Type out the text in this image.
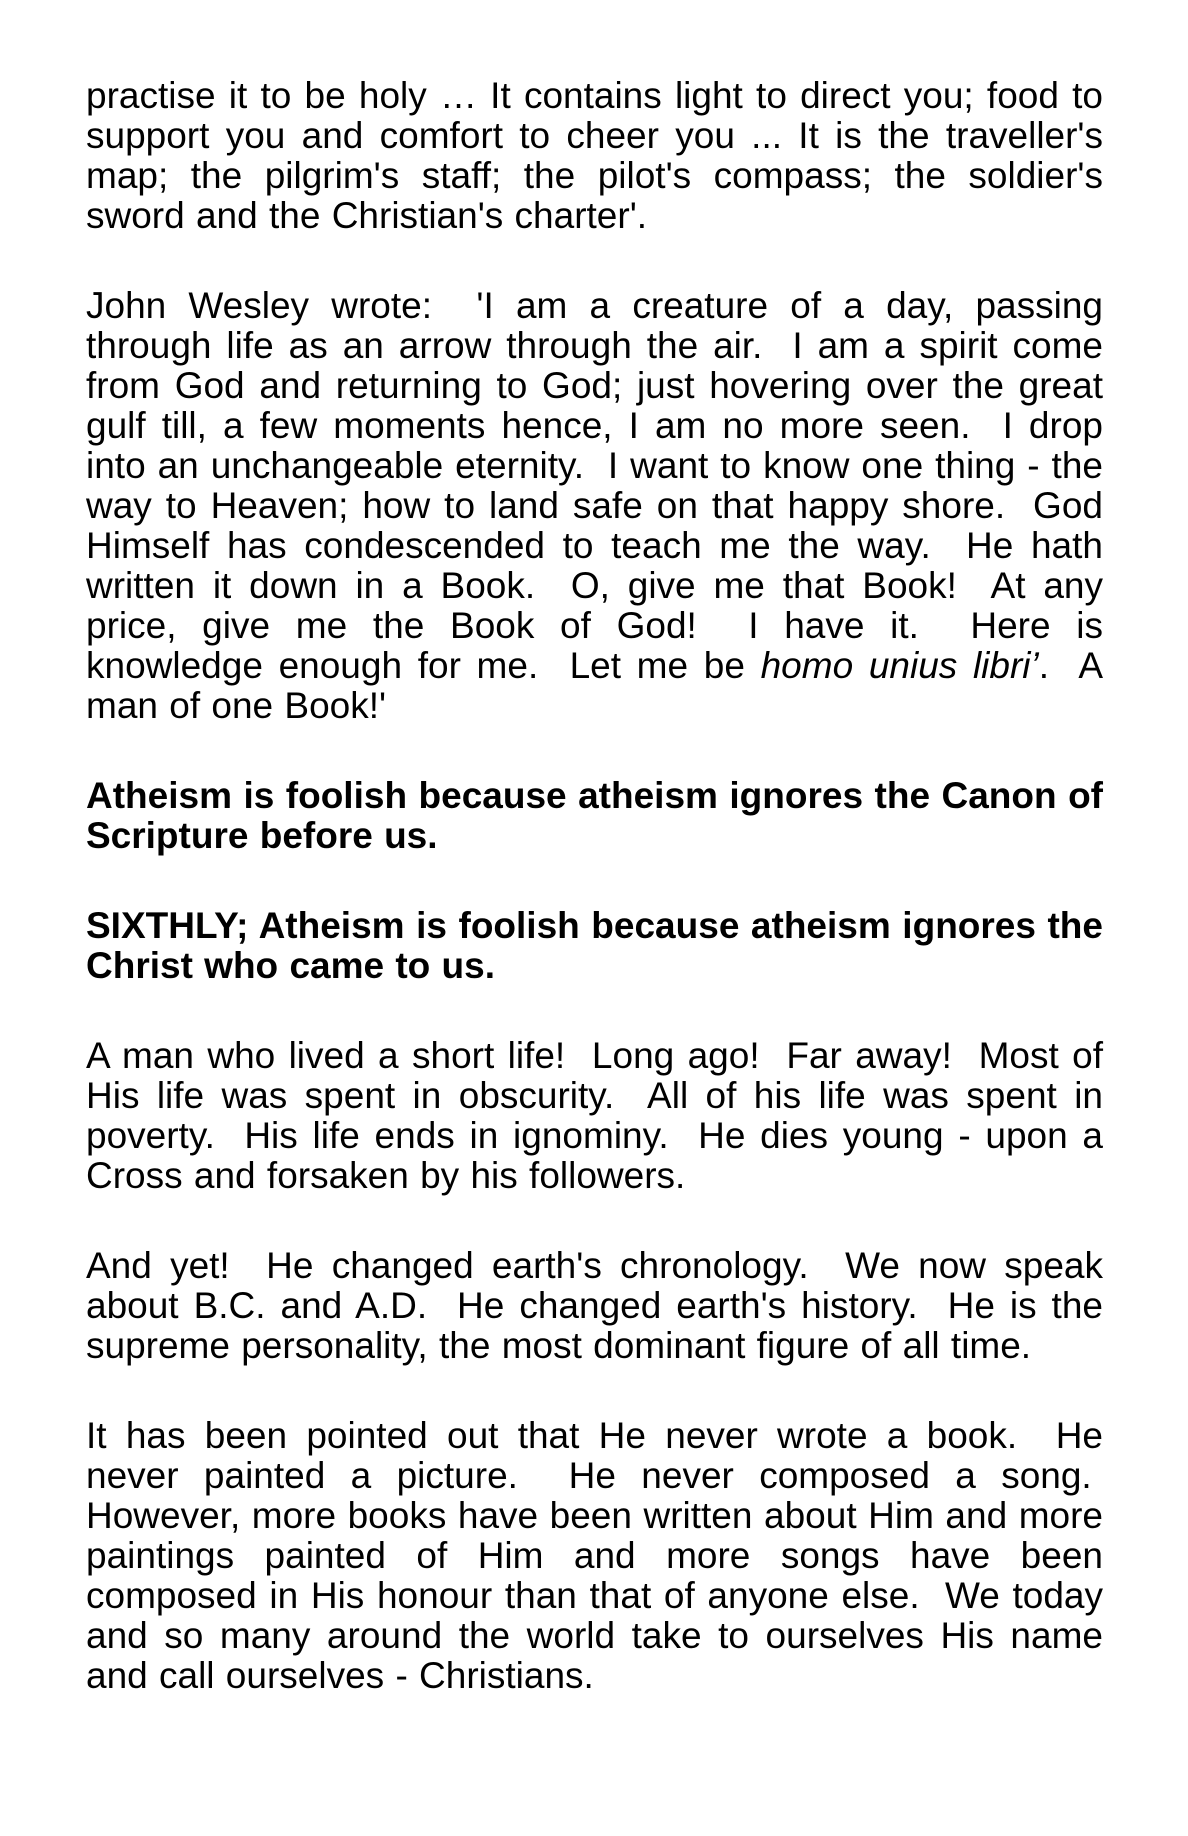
practise it to be holy … It contains light to direct you; food to support you and comfort to cheer you ... It is the traveller's map; the pilgrim's staff; the pilot's compass; the soldier's sword and the Christian's charter'.

John Wesley wrote:  'I am a creature of a day, passing through life as an arrow through the air.  I am a spirit come from God and returning to God; just hovering over the great gulf till, a few moments hence, I am no more seen.  I drop into an unchangeable eternity.  I want to know one thing - the way to Heaven; how to land safe on that happy shore.  God Himself has condescended to teach me the way.  He hath written it down in a Book.  O, give me that Book!  At any price, give me the Book of God!  I have it.  Here is knowledge enough for me.  Let me be homo unius libri’.  A man of one Book!'

Atheism is foolish because atheism ignores the Canon of Scripture before us.

SIXTHLY; Atheism is foolish because atheism ignores the Christ who came to us.

A man who lived a short life!  Long ago!  Far away!  Most of His life was spent in obscurity.  All of his life was spent in poverty.  His life ends in ignominy.  He dies young - upon a Cross and forsaken by his followers.

And yet!  He changed earth's chronology.  We now speak about B.C. and A.D.  He changed earth's history.  He is the supreme personality, the most dominant figure of all time.

It has been pointed out that He never wrote a book.  He never painted a picture.  He never composed a song.  However, more books have been written about Him and more paintings painted of Him and more songs have been composed in His honour than that of anyone else.  We today and so many around the world take to ourselves His name and call ourselves - Christians.
